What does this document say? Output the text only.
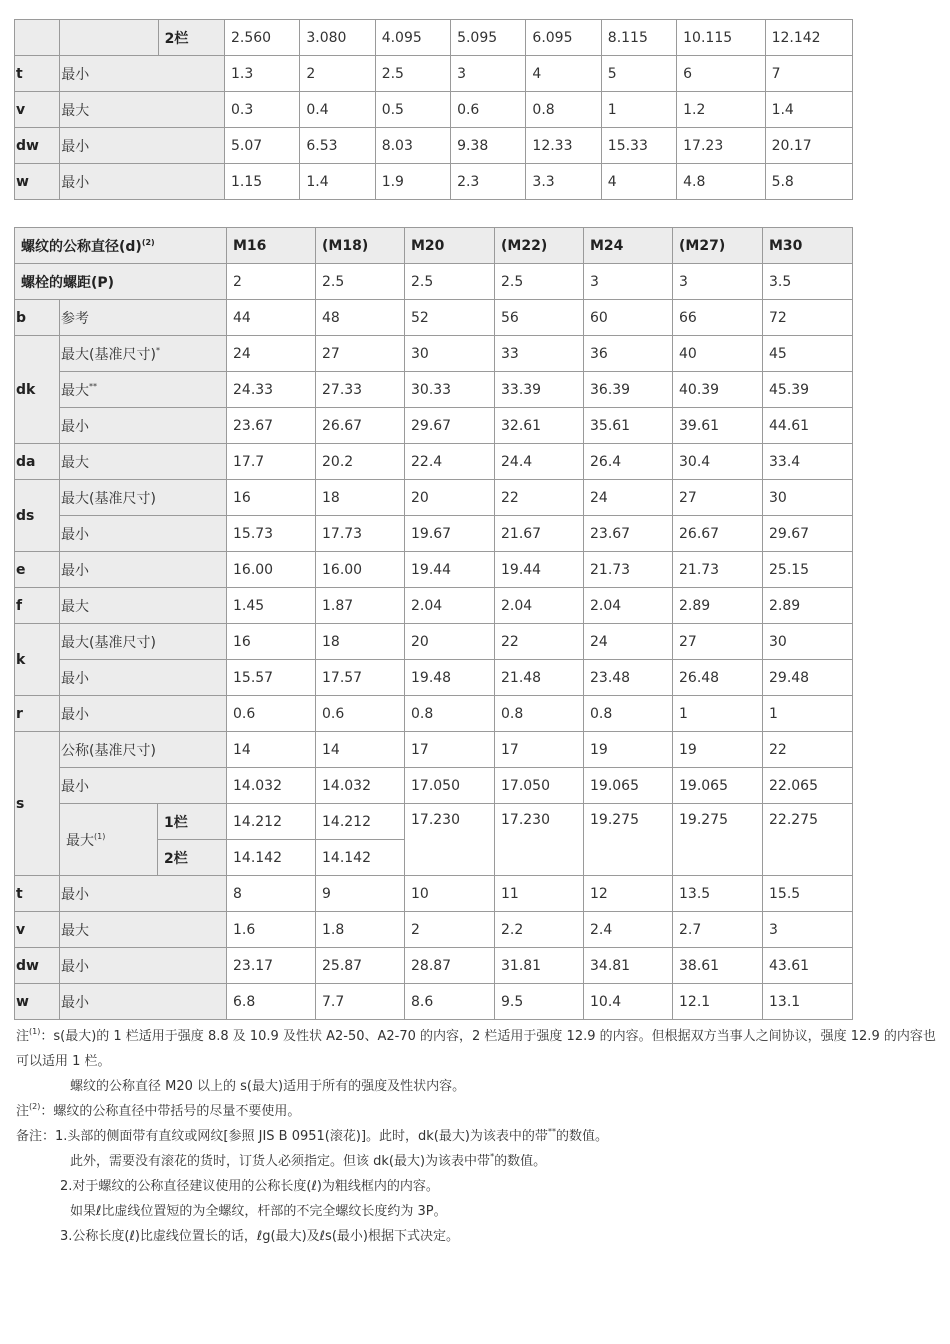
		2栏	2.560	3.080	4.095	5.095	6.095	8.115	10.115	12.142
t	最小		1.3	2	2.5	3	4	5	6	7
v	最大		0.3	0.4	0.5	0.6	0.8	1	1.2	1.4
dw	最小		5.07	6.53	8.03	9.38	12.33	15.33	17.23	20.17
w	最小		1.15	1.4	1.9	2.3	3.3	4	4.8	5.8
螺纹的公称直径$(d)^{(2)}$			M16	(M18)	M20	(M22)	M24	(M27)	M30
螺栓的螺距(P)			2	2.5	2.5	2.5	3	3	3.5
b	参考		44	48	52	56	60	66	72
dk	最大(基准尺寸)*		24	27	30	33	36	40	45
	最大**		24.33	27.33	30.33	33.39	36.39	40.39	45.39
	最小		23.67	26.67	29.67	32.61	35.61	39.61	44.61
da	最大		17.7	20.2	22.4	24.4	26.4	30.4	33.4
ds	最大(基准尺寸)		16	18	20	22	24	27	30
	最小		15.73	17.73	19.67	21.67	23.67	26.67	29.67
e	最小		16.00	16.00	19.44	19.44	21.73	21.73	25.15
f	最大		1.45	1.87	2.04	2.04	2.04	2.89	2.89
k	最大(基准尺寸)		16	18	20	22	24	27	30
	最小		15.57	17.57	19.48	21.48	23.48	26.48	29.48
r	最小		0.6	0.6	0.8	0.8	0.8	1	1
s	公称(基准尺寸)		14	14	17	17	19	19	22
	最小		14.032	14.032	17.050	17.050	19.065	19.065	22.065
	最大$^{(1)}$	1栏	14.212	14.212	17.230	17.230	19.275	19.275	22.275
		2栏	14.142	14.142					
t	最小		8	9	10	11	12	13.5	15.5
v	最大		1.6	1.8	2	2.2	2.4	2.7	3
dw	最小		23.17	25.87	28.87	31.81	34.81	38.61	43.61
w	最小		6.8	7.7	8.6	9.5	10.4	12.1	13.1

注$^{(1)}$：s(最大)的 1 栏适用于强度 8.8 及 10.9 及性状 A2-50、A2-70 的内容，2 栏适用于强度 12.9 的内容。但根据双方当事人之间协议，强度 12.9 的内容也可以适用 1 栏。

螺纹的公称直径 M20 以上的 s(最大)适用于所有的强度及性状内容。

注$^{(2)}$：螺纹的公称直径中带括号的尽量不要使用。

备注：1.头部的侧面带有直纹或网纹[参照 JIS B 0951(滚花)]。此时，dk(最大)为该表中的带**的数值。

此外，需要没有滚花的货时，订货人必须指定。但该 dk(最大)为该表中带*的数值。

2.对于螺纹的公称直径建议使用的公称长度(ℓ)为粗线框内的内容。

如果ℓ比虚线位置短的为全螺纹，杆部的不完全螺纹长度约为 3P。

3.公称长度(ℓ)比虚线位置长的话，ℓg(最大)及ℓs(最小)根据下式决定。
